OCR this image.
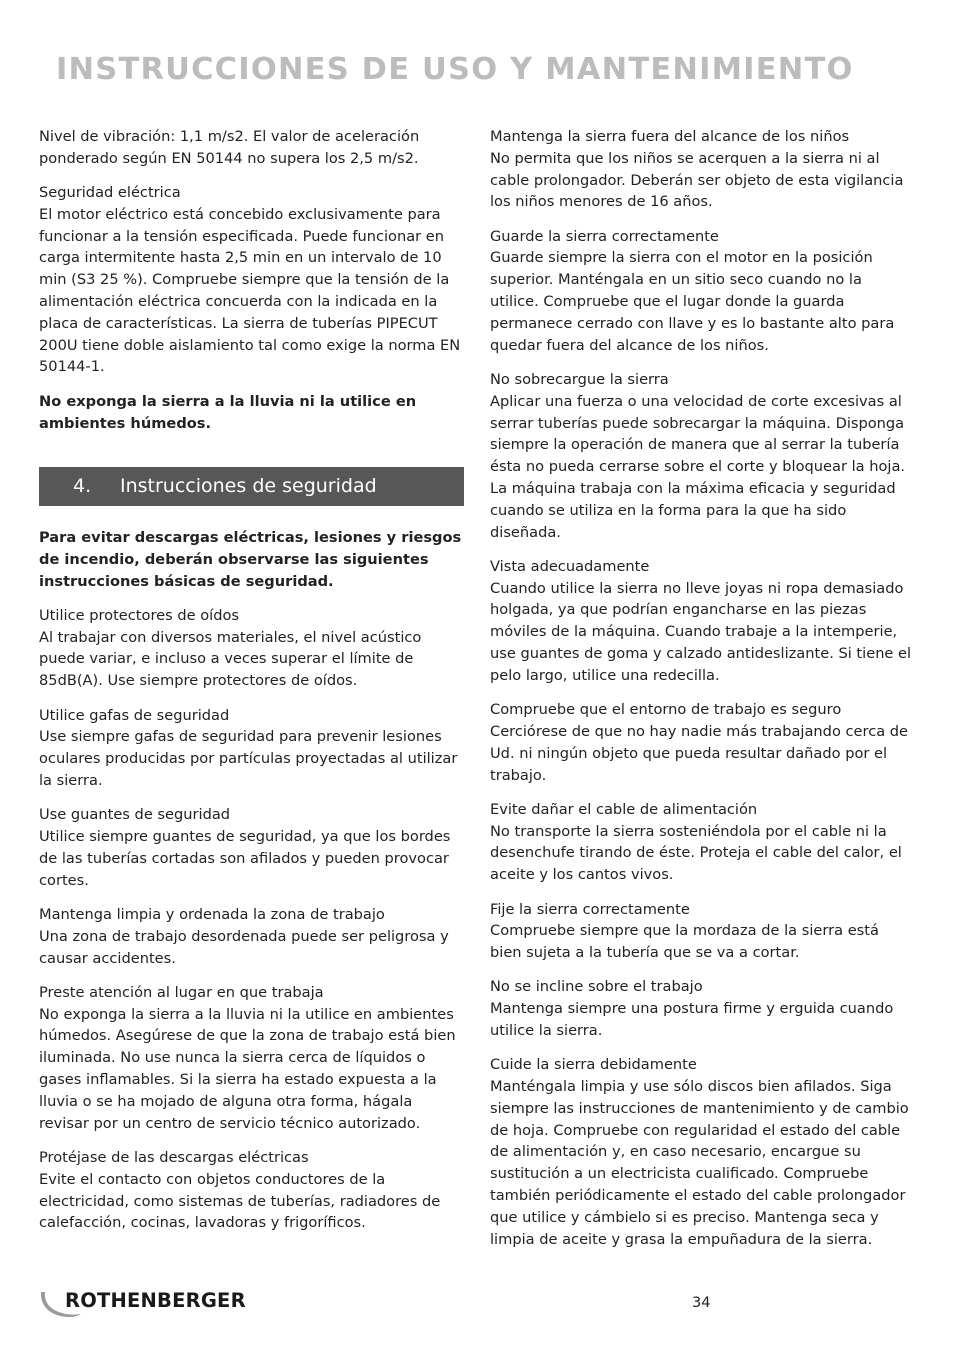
INSTRUCCIONES DE USO Y MANTENIMIENTO

Nivel de vibración: 1,1 m/s2. El valor de aceleración ponderado según EN 50144 no supera los 2,5 m/s2.

Seguridad eléctrica
El motor eléctrico está concebido exclusivamente para funcionar a la tensión especificada. Puede funcionar en carga intermitente hasta 2,5 min en un intervalo de 10 min (S3 25 %). Compruebe siempre que la tensión de la alimentación eléctrica concuerda con la indicada en la placa de características. La sierra de tuberías PIPECUT 200U tiene doble aislamiento tal como exige la norma EN 50144-1.

No exponga la sierra a la lluvia ni la utilice en ambientes húmedos.

4. Instrucciones de seguridad

Para evitar descargas eléctricas, lesiones y riesgos de incendio, deberán observarse las siguientes instrucciones básicas de seguridad.

Utilice protectores de oídos
Al trabajar con diversos materiales, el nivel acústico puede variar, e incluso a veces superar el límite de 85dB(A). Use siempre protectores de oídos.

Utilice gafas de seguridad
Use siempre gafas de seguridad para prevenir lesiones oculares producidas por partículas proyectadas al utilizar la sierra.

Use guantes de seguridad
Utilice siempre guantes de seguridad, ya que los bordes de las tuberías cortadas son afilados y pueden provocar cortes.

Mantenga limpia y ordenada la zona de trabajo
Una zona de trabajo desordenada puede ser peligrosa y causar accidentes.

Preste atención al lugar en que trabaja
No exponga la sierra a la lluvia ni la utilice en ambientes húmedos. Asegúrese de que la zona de trabajo está bien iluminada. No use nunca la sierra cerca de líquidos o gases inflamables. Si la sierra ha estado expuesta a la lluvia o se ha mojado de alguna otra forma, hágala revisar por un centro de servicio técnico autorizado.

Protéjase de las descargas eléctricas
Evite el contacto con objetos conductores de la electricidad, como sistemas de tuberías, radiadores de calefacción, cocinas, lavadoras y frigoríficos.

Mantenga la sierra fuera del alcance de los niños
No permita que los niños se acerquen a la sierra ni al cable prolongador. Deberán ser objeto de esta vigilancia los niños menores de 16 años.

Guarde la sierra correctamente
Guarde siempre la sierra con el motor en la posición superior. Manténgala en un sitio seco cuando no la utilice. Compruebe que el lugar donde la guarda permanece cerrado con llave y es lo bastante alto para quedar fuera del alcance de los niños.

No sobrecargue la sierra
Aplicar una fuerza o una velocidad de corte excesivas al serrar tuberías puede sobrecargar la máquina. Disponga siempre la operación de manera que al serrar la tubería ésta no pueda cerrarse sobre el corte y bloquear la hoja. La máquina trabaja con la máxima eficacia y seguridad cuando se utiliza en la forma para la que ha sido diseñada.

Vista adecuadamente
Cuando utilice la sierra no lleve joyas ni ropa demasiado holgada, ya que podrían engancharse en las piezas móviles de la máquina. Cuando trabaje a la intemperie, use guantes de goma y calzado antideslizante. Si tiene el pelo largo, utilice una redecilla.

Compruebe que el entorno de trabajo es seguro
Cerciórese de que no hay nadie más trabajando cerca de Ud. ni ningún objeto que pueda resultar dañado por el trabajo.

Evite dañar el cable de alimentación
No transporte la sierra sosteniéndola por el cable ni la desenchufe tirando de éste. Proteja el cable del calor, el aceite y los cantos vivos.

Fije la sierra correctamente
Compruebe siempre que la mordaza de la sierra está bien sujeta a la tubería que se va a cortar.

No se incline sobre el trabajo
Mantenga siempre una postura firme y erguida cuando utilice la sierra.

Cuide la sierra debidamente
Manténgala limpia y use sólo discos bien afilados. Siga siempre las instrucciones de mantenimiento y de cambio de hoja. Compruebe con regularidad el estado del cable de alimentación y, en caso necesario, encargue su sustitución a un electricista cualificado. Compruebe también periódicamente el estado del cable prolongador que utilice y cámbielo si es preciso. Mantenga seca y limpia de aceite y grasa la empuñadura de la sierra.

ROTHENBERGER	34
